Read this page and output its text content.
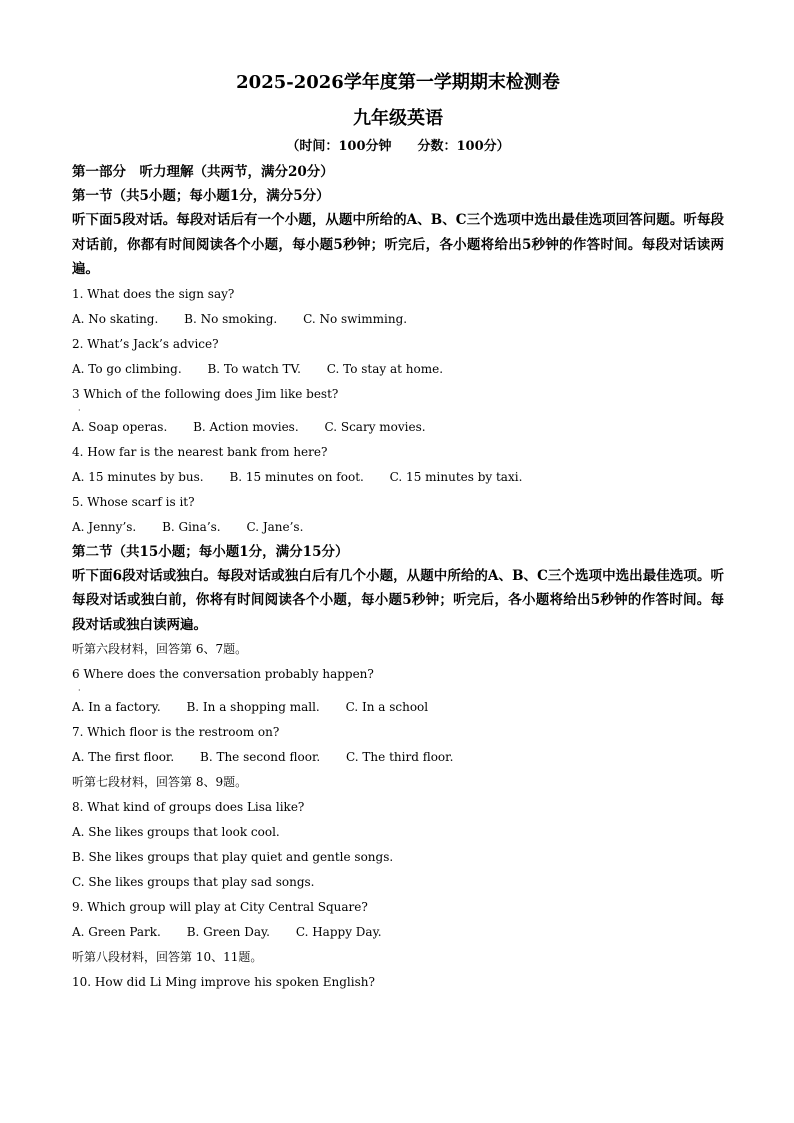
2025-2026学年度第一学期期末检测卷
九年级英语
（时间：100分钟　　分数：100分）
第一部分　听力理解（共两节，满分20分）
第一节（共5小题；每小题1分，满分5分）
听下面5段对话。每段对话后有一个小题，从题中所给的A、B、C三个选项中选出最佳选项回答问题。听每段对话前，你都有时间阅读各个小题，每小题5秒钟；听完后，各小题将给出5秒钟的作答时间。每段对话读两遍。
1. What does the sign say?
A. No skating. B. No smoking. C. No swimming.
2. What’s Jack’s advice?
A. To go climbing. B. To watch TV. C. To stay at home.
3 Which of the following does Jim like best?
·
A. Soap operas. B. Action movies. C. Scary movies.
4. How far is the nearest bank from here?
A. 15 minutes by bus. B. 15 minutes on foot. C. 15 minutes by taxi.
5. Whose scarf is it?
A. Jenny’s. B. Gina’s. C. Jane’s.
第二节（共15小题；每小题1分，满分15分）
听下面6段对话或独白。每段对话或独白后有几个小题，从题中所给的A、B、C三个选项中选出最佳选项。听每段对话或独白前，你将有时间阅读各个小题，每小题5秒钟；听完后，各小题将给出5秒钟的作答时间。每段对话或独白读两遍。
听第六段材料，回答第 6、7题。
6 Where does the conversation probably happen?
·
A. In a factory. B. In a shopping mall. C. In a school
7. Which floor is the restroom on?
A. The first floor. B. The second floor. C. The third floor.
听第七段材料，回答第 8、9题。
8. What kind of groups does Lisa like?
A. She likes groups that look cool.
B. She likes groups that play quiet and gentle songs.
C. She likes groups that play sad songs.
9. Which group will play at City Central Square?
A. Green Park. B. Green Day. C. Happy Day.
听第八段材料，回答第 10、11题。
10. How did Li Ming improve his spoken English?
